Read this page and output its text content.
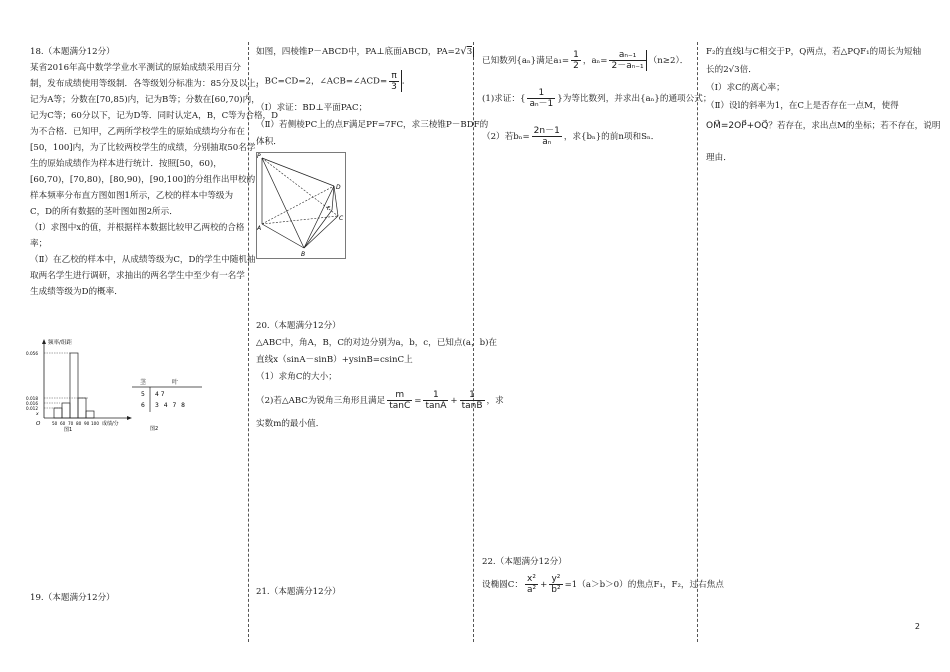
18.（本题满分12分）
某省2016年高中数学学业水平测试的原始成绩采用百分
制，发布成绩使用等级制．各等级划分标准为：85分及以上，
记为A等；分数在[70,85)内，记为B等；分数在[60,70)内，
记为C等；60分以下，记为D等．同时认定A，B，C等为合格，D
为不合格．已知甲，乙两所学校学生的原始成绩均分布在
[50，100]内，为了比较两校学生的成绩，分别抽取50名学
生的原始成绩作为样本进行统计．按照[50，60)，
[60,70)，[70,80)，[80,90)，[90,100]的分组作出甲校的
样本频率分布直方图如图1所示，乙校的样本中等级为
C，D的所有数据的茎叶图如图2所示．
（I）求图中x的值，并根据样本数据比较甲乙两校的合格
率；
（Ⅱ）在乙校的样本中，从成绩等级为C，D的学生中随机抽
取两名学生进行调研，求抽出的两名学生中至少有一名学
生成绩等级为D的概率．
频率/组距
0.056
0.018
0.016
0.012
x
O	50 60 70 80 90 100 成绩/分
图1
茎	叶
5 4 7
6 3 4 7 8
图2
19.（本题满分12分）
如图，四棱锥P－ABCD中，PA⊥底面ABCD，PA=2√3
，BC=CD=2，∠ACB=∠ACD= $\frac{\pi}{3}$ ．
（Ⅰ）求证：BD⊥平面PAC；
（Ⅱ）若侧棱PC上的点F满足PF=7FC，求三棱锥P－BDF的
体积．
P
A
B
C
D
F
20.（本题满分12分）
△ABC中，角A，B，C的对边分别为a，b，c，已知点(a，b)在
直线x（sinA－sinB）+ysinB=csinC上
（1）求角C的大小；
（2)若△ABC为锐角三角形且满足 $\frac{m}{\tan C} = \frac{1}{\tan A} + \frac{1}{\tan B}$ ，求
实数m的最小值．
21.（本题满分12分）
已知数列{aₙ}满足$a_1= \frac{1}{2}$ ，$a_n= \frac{\text{aₙ₋₁}}{\text{2－aₙ₋₁}} (n\ge 2)$．
(1)求证：{ $\frac{1}{\text{aₙ－1}}$ }为等比数列，并求出{aₙ}的通项公式；
（2）若$b_n= \frac{2n-1}{\text{aₙ}}$ ，求{bₙ}的前n项和Sₙ．
22.（本题满分12分）
设椭圆C： $\frac{\text{x²}}{\text{a²}} + \frac{\text{y²}}{\text{b²}} =1(a>b>0)$的焦点F₁，F₂，过右焦点
F₂的直线l与C相交于P，Q两点，若△PQF₁的周长为短轴
长的2√3倍．
（Ⅰ）求C的离心率；
（Ⅱ）设l的斜率为1，在C上是否存在一点M，使得
OM⃗=2OP⃗+OQ⃗？若存在，求出点M的坐标；若不存在，说明
理由．
2
